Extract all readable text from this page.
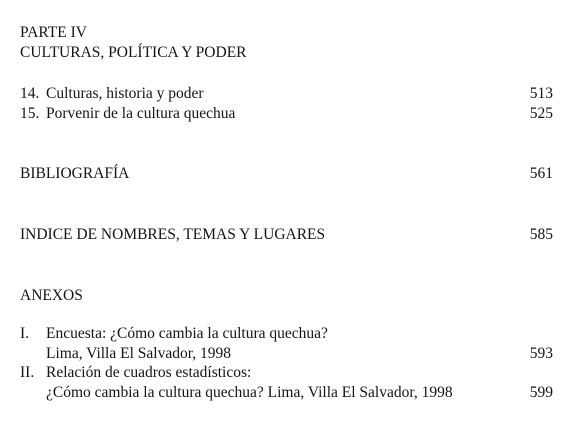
PARTE IV
CULTURAS, POLÍTICA Y PODER
14. Culturas, historia y poder	513
15. Porvenir de la cultura quechua	525
BIBLIOGRAFÍA	561
INDICE DE NOMBRES, TEMAS Y LUGARES	585
ANEXOS
I. Encuesta: ¿Cómo cambia la cultura quechua?
Lima, Villa El Salvador, 1998	593
II. Relación de cuadros estadísticos:
¿Cómo cambia la cultura quechua? Lima, Villa El Salvador, 1998	599
